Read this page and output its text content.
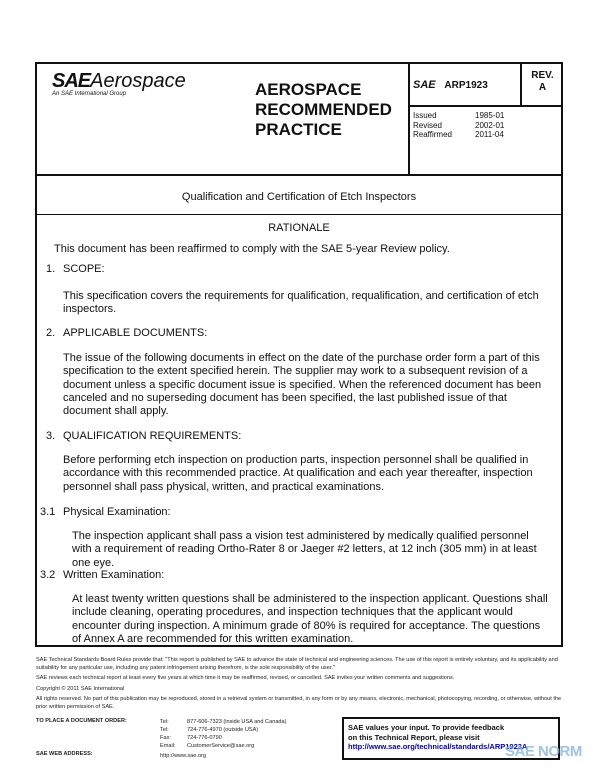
SAEAerospace
An SAE International Group	AEROSPACE
RECOMMENDED
PRACTICE
SAE ARP1923
REV.
A
Issued	1985-01
Revised	2002-01
Reaffirmed	2011-04
Qualification and Certification of Etch Inspectors
RATIONALE
This document has been reaffirmed to comply with the SAE 5-year Review policy.
1. SCOPE:
This specification covers the requirements for qualification, requalification, and certification of etch inspectors.
2. APPLICABLE DOCUMENTS:
The issue of the following documents in effect on the date of the purchase order form a part of this specification to the extent specified herein. The supplier may work to a subsequent revision of a document unless a specific document issue is specified. When the referenced document has been canceled and no superseding document has been specified, the last published issue of that document shall apply.
3. QUALIFICATION REQUIREMENTS:
Before performing etch inspection on production parts, inspection personnel shall be qualified in accordance with this recommended practice. At qualification and each year thereafter, inspection personnel shall pass physical, written, and practical examinations.
3.1 Physical Examination:
The inspection applicant shall pass a vision test administered by medically qualified personnel with a requirement of reading Ortho-Rater 8 or Jaeger #2 letters, at 12 inch (305 mm) in at least one eye.
3.2 Written Examination:
At least twenty written questions shall be administered to the inspection applicant. Questions shall include cleaning, operating procedures, and inspection techniques that the applicant would encounter during inspection. A minimum grade of 80% is required for acceptance. The questions of Annex A are recommended for this written examination.
SAE Technical Standards Board Rules provide that: "This report is published by SAE to advance the state of technical and engineering sciences. The use of this report is entirely voluntary, and its applicability and suitability for any particular use, including any patent infringement arising therefrom, is the sole responsibility of the user."
SAE reviews each technical report at least every five years at which time it may be reaffirmed, revised, or cancelled. SAE invites your written comments and suggestions.
Copyright © 2011 SAE International
All rights reserved. No part of this publication may be reproduced, stored in a retrieval system or transmitted, in any form or by any means, electronic, mechanical, photocopying, recording, or otherwise, without the prior written permission of SAE.
TO PLACE A DOCUMENT ORDER:	Tel:	877-606-7323 (inside USA and Canada)
Tel:	724-776-4970 (outside USA)
Fax:	724-776-0790
Email: CustomerService@sae.org
http://www.sae.org
SAE WEB ADDRESS:
SAE values your input. To provide feedback
on this Technical Report, please visit
http://www.sae.org/technical/standards/ARP1923A
SAE NORM
